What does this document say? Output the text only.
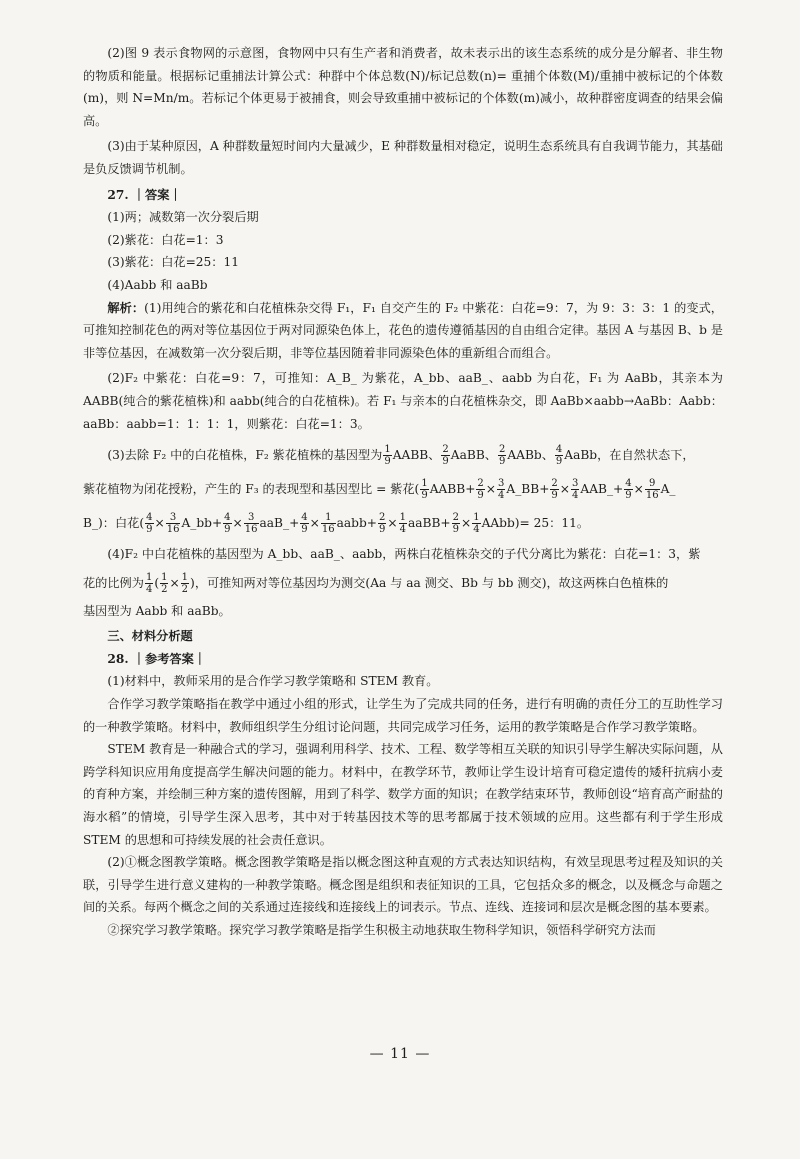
(2)图 9 表示食物网的示意图，食物网中只有生产者和消费者，故未表示出的该生态系统的成分是分解者、非生物的物质和能量。根据标记重捕法计算公式：种群中个体总数(N)/标记总数(n)= 重捕个体数(M)/重捕中被标记的个体数(m)，则 N=Mn/m。若标记个体更易于被捕食，则会导致重捕中被标记的个体数(m)减小，故种群密度调查的结果会偏高。

(3)由于某种原因，A 种群数量短时间内大量减少，E 种群数量相对稳定，说明生态系统具有自我调节能力，其基础是负反馈调节机制。

27. ｜答案｜

(1)两；减数第一次分裂后期

(2)紫花：白花=1：3

(3)紫花：白花=25：11

(4)Aabb 和 aaBb

解析：(1)用纯合的紫花和白花植株杂交得 F₁，F₁ 自交产生的 F₂ 中紫花：白花=9：7，为 9：3：3：1 的变式，可推知控制花色的两对等位基因位于两对同源染色体上，花色的遗传遵循基因的自由组合定律。基因 A 与基因 B、b 是非等位基因，在减数第一次分裂后期，非等位基因随着非同源染色体的重新组合而组合。

(2)F₂ 中紫花：白花=9：7，可推知：A_B_ 为紫花，A_bb、aaB_、aabb 为白花，F₁ 为 AaBb，其亲本为 AABB(纯合的紫花植株)和 aabb(纯合的白花植株)。若 F₁ 与亲本的白花植株杂交，即 AaBb×aabb→AaBb：Aabb：aaBb：aabb=1：1：1：1，则紫花：白花=1：3。

(3)去除 F₂ 中的白花植株，F₂ 紫花植株的基因型为 $\frac{1}{9}$ AABB、 $\frac{2}{9}$ AaBB、 $\frac{2}{9}$ AABb、 $\frac{4}{9}$ AaBb，在自然状态下，

紫花植物为闭花授粉，产生的 F₃ 的表现型和基因型比 = 紫花( $\frac{1}{9}$ AABB+ $\frac{2}{9} \times \frac{3}{4}$ A_BB+ $\frac{2}{9} \times \frac{3}{4}$ AAB_+ $\frac{4}{9} \times \frac{9}{16}$ A_

B_)：白花( $\frac{4}{9} \times \frac{3}{16}$ A_bb+ $\frac{4}{9} \times \frac{3}{16}$ aaB_+ $\frac{4}{9} \times \frac{1}{16}$ aabb+ $\frac{2}{9} \times \frac{1}{4}$ aaBB+ $\frac{2}{9} \times \frac{1}{4}$ AAbb)= 25：11。

(4)F₂ 中白花植株的基因型为 A_bb、aaB_、aabb，两株白花植株杂交的子代分离比为紫花：白花=1：3，紫

花的比例为 $\frac{1}{4}$ ( $\frac{1}{2} \times \frac{1}{2}$ )，可推知两对等位基因均为测交(Aa 与 aa 测交、Bb 与 bb 测交)，故这两株白色植株的

基因型为 Aabb 和 aaBb。

三、材料分析题

28. ｜参考答案｜

(1)材料中，教师采用的是合作学习教学策略和 STEM 教育。

合作学习教学策略指在教学中通过小组的形式，让学生为了完成共同的任务，进行有明确的责任分工的互助性学习的一种教学策略。材料中，教师组织学生分组讨论问题，共同完成学习任务，运用的教学策略是合作学习教学策略。

STEM 教育是一种融合式的学习，强调利用科学、技术、工程、数学等相互关联的知识引导学生解决实际问题，从跨学科知识应用角度提高学生解决问题的能力。材料中，在教学环节，教师让学生设计培育可稳定遗传的矮秆抗病小麦的育种方案，并绘制三种方案的遗传图解，用到了科学、数学方面的知识；在教学结束环节，教师创设“培育高产耐盐的海水稻”的情境，引导学生深入思考，其中对于转基因技术等的思考都属于技术领域的应用。这些都有利于学生形成 STEM 的思想和可持续发展的社会责任意识。

(2)①概念图教学策略。概念图教学策略是指以概念图这种直观的方式表达知识结构，有效呈现思考过程及知识的关联，引导学生进行意义建构的一种教学策略。概念图是组织和表征知识的工具，它包括众多的概念，以及概念与命题之间的关系。每两个概念之间的关系通过连接线和连接线上的词表示。节点、连线、连接词和层次是概念图的基本要素。

②探究学习教学策略。探究学习教学策略是指学生积极主动地获取生物科学知识，领悟科学研究方法而

— 11 —
